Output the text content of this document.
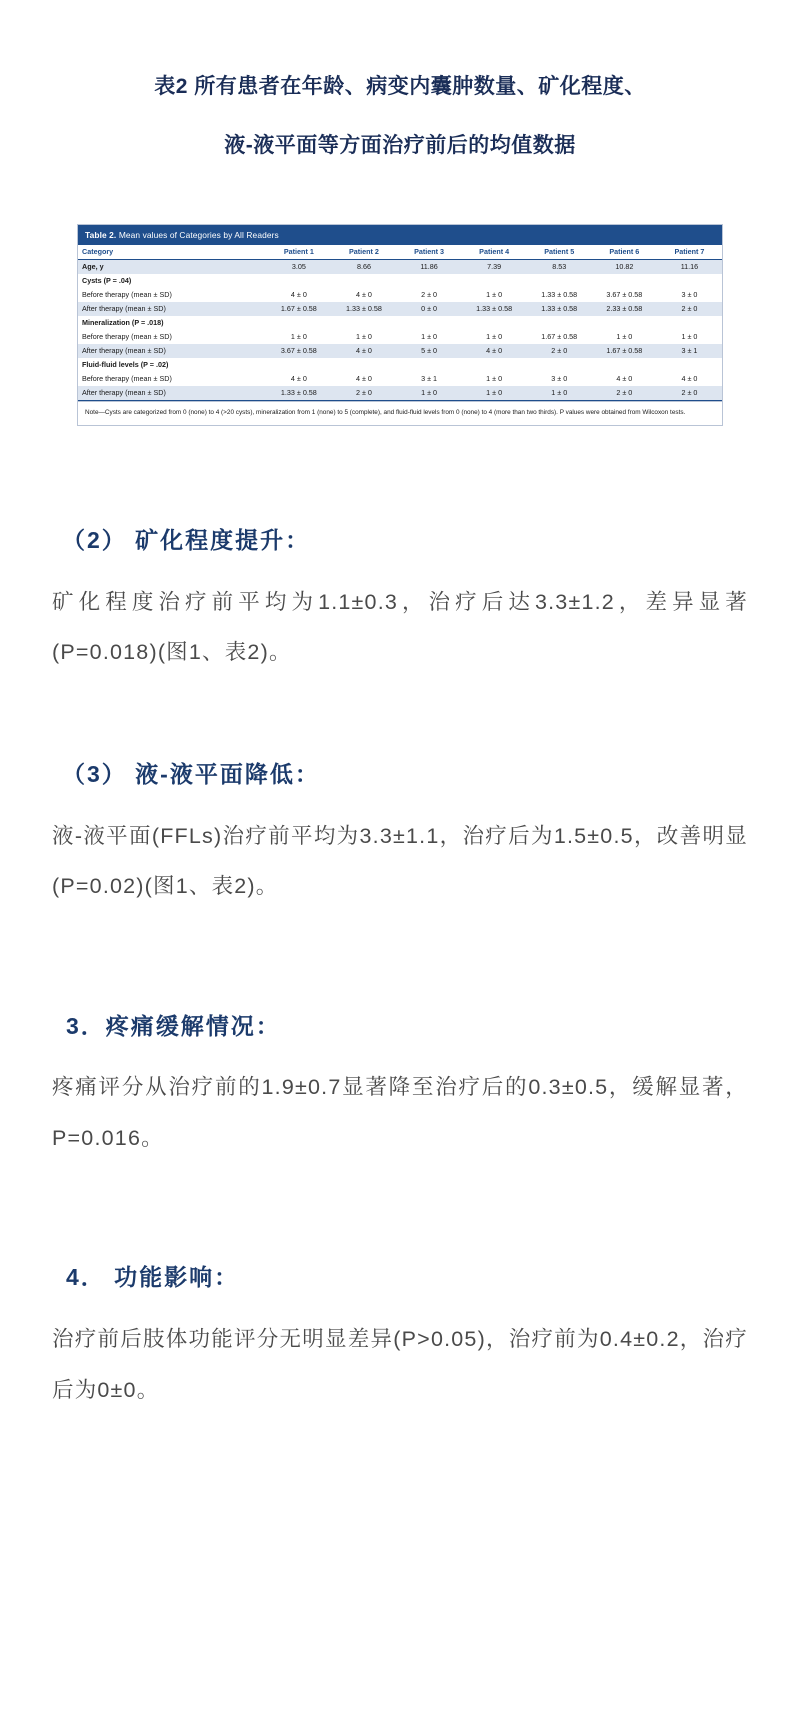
表2 所有患者在年龄、病变内囊肿数量、矿化程度、
液-液平面等方面治疗前后的均值数据
Table 2. Mean values of Categories by All Readers
Category	Patient 1	Patient 2	Patient 3	Patient 4	Patient 5	Patient 6	Patient 7
Age, y	3.05	8.66	11.86	7.39	8.53	10.82	11.16
Cysts (P = .04)							
Before therapy (mean ± SD)	4 ± 0	4 ± 0	2 ± 0	1 ± 0	1.33 ± 0.58	3.67 ± 0.58	3 ± 0
After therapy (mean ± SD)	1.67 ± 0.58	1.33 ± 0.58	0 ± 0	1.33 ± 0.58	1.33 ± 0.58	2.33 ± 0.58	2 ± 0
Mineralization (P = .018)							
Before therapy (mean ± SD)	1 ± 0	1 ± 0	1 ± 0	1 ± 0	1.67 ± 0.58	1 ± 0	1 ± 0
After therapy (mean ± SD)	3.67 ± 0.58	4 ± 0	5 ± 0	4 ± 0	2 ± 0	1.67 ± 0.58	3 ± 1
Fluid-fluid levels (P = .02)							
Before therapy (mean ± SD)	4 ± 0	4 ± 0	3 ± 1	1 ± 0	3 ± 0	4 ± 0	4 ± 0
After therapy (mean ± SD)	1.33 ± 0.58	2 ± 0	1 ± 0	1 ± 0	1 ± 0	2 ± 0	2 ± 0
Note—Cysts are categorized from 0 (none) to 4 (>20 cysts), mineralization from 1 (none) to 5 (complete), and fluid-fluid levels from 0 (none) to 4 (more than two thirds). P values were obtained from Wilcoxon tests.
（2） 矿化程度提升：

矿化程度治疗前平均为1.1±0.3，治疗后达3.3±1.2，差异显著(P=0.018)(图1、表2)。

（3） 液-液平面降低：

液-液平面(FFLs)治疗前平均为3.3±1.1，治疗后为1.5±0.5，改善明显(P=0.02)(图1、表2)。

3．疼痛缓解情况：

疼痛评分从治疗前的1.9±0.7显著降至治疗后的0.3±0.5，缓解显著，P=0.016。

4． 功能影响：

治疗前后肢体功能评分无明显差异(P>0.05)，治疗前为0.4±0.2，治疗后为0±0。
